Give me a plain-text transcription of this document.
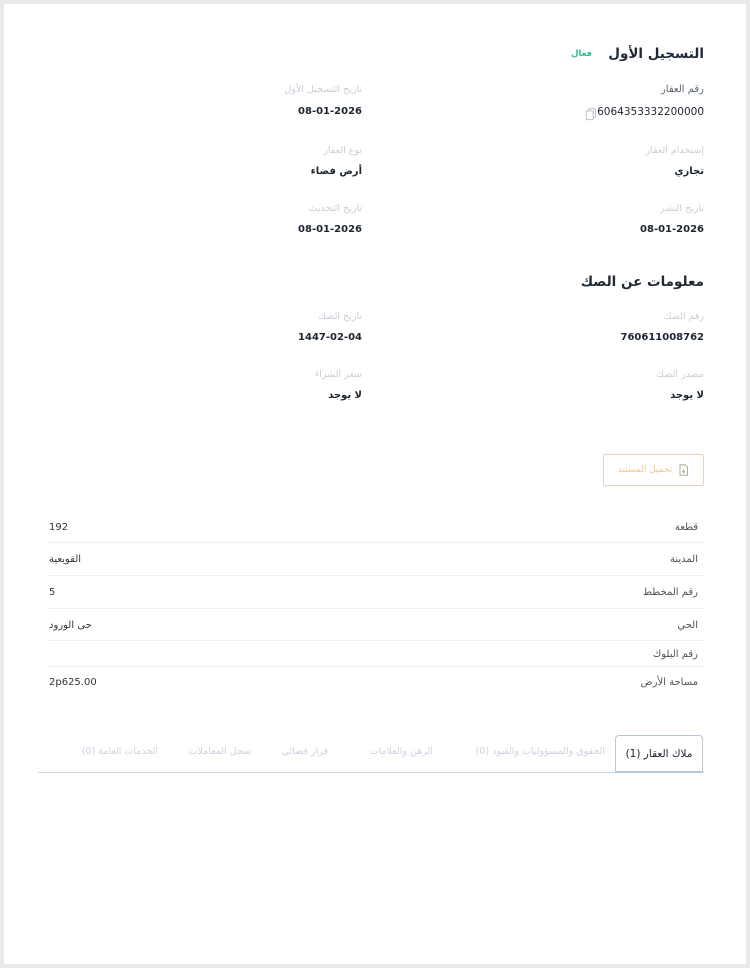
التسجيل الأول
فعال
رقم العقار
6064353332200000
إستخدام العقار
تجاري
تاريخ النشر
08-01-2026
تاريخ التسجيل الأول
08-01-2026
نوع العقار
أرض فضاء
تاريخ التحديث
08-01-2026
معلومات عن الصك
رقم الصك
760611008762
مصدر الصك
لا يوجد
تاريخ الصك
1447-02-04
سعر الشراء
لا يوجد
تحميل المستند
قطعة
192
المدينة
القويعية
رقم المخطط
5
الحي
حى الورود
رقم البلوك
مساحة الأرض
2p625.00
ملاك العقار (1)
الحقوق والمسؤوليات والقيود (0)
الرهن والعلامات
قرار قضائي
سجل المعاملات
الخدمات العامة (0)
